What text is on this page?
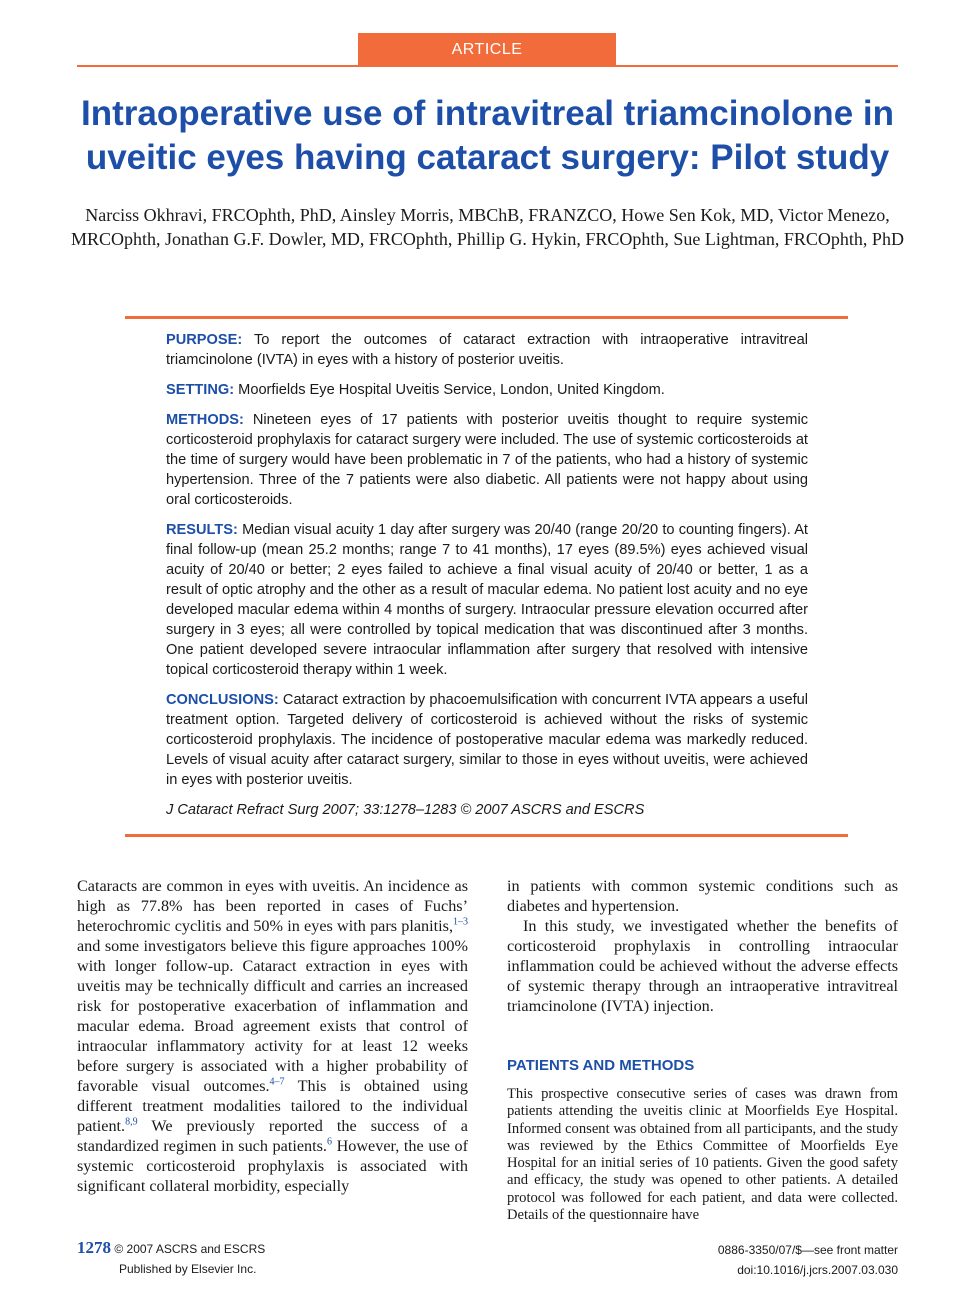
ARTICLE
Intraoperative use of intravitreal triamcinolone in uveitic eyes having cataract surgery: Pilot study

Narciss Okhravi, FRCOphth, PhD, Ainsley Morris, MBChB, FRANZCO, Howe Sen Kok, MD, Victor Menezo, MRCOphth, Jonathan G.F. Dowler, MD, FRCOphth, Phillip G. Hykin, FRCOphth, Sue Lightman, FRCOphth, PhD

PURPOSE: To report the outcomes of cataract extraction with intraoperative intravitreal triamcinolone (IVTA) in eyes with a history of posterior uveitis.

SETTING: Moorfields Eye Hospital Uveitis Service, London, United Kingdom.

METHODS: Nineteen eyes of 17 patients with posterior uveitis thought to require systemic corticosteroid prophylaxis for cataract surgery were included. The use of systemic corticosteroids at the time of surgery would have been problematic in 7 of the patients, who had a history of systemic hypertension. Three of the 7 patients were also diabetic. All patients were not happy about using oral corticosteroids.

RESULTS: Median visual acuity 1 day after surgery was 20/40 (range 20/20 to counting fingers). At final follow-up (mean 25.2 months; range 7 to 41 months), 17 eyes (89.5%) eyes achieved visual acuity of 20/40 or better; 2 eyes failed to achieve a final visual acuity of 20/40 or better, 1 as a result of optic atrophy and the other as a result of macular edema. No patient lost acuity and no eye developed macular edema within 4 months of surgery. Intraocular pressure elevation occurred after surgery in 3 eyes; all were controlled by topical medication that was discontinued after 3 months. One patient developed severe intraocular inflammation after surgery that resolved with intensive topical corticosteroid therapy within 1 week.

CONCLUSIONS: Cataract extraction by phacoemulsification with concurrent IVTA appears a useful treatment option. Targeted delivery of corticosteroid is achieved without the risks of systemic corticosteroid prophylaxis. The incidence of postoperative macular edema was markedly reduced. Levels of visual acuity after cataract surgery, similar to those in eyes without uveitis, were achieved in eyes with posterior uveitis.

J Cataract Refract Surg 2007; 33:1278–1283 © 2007 ASCRS and ESCRS

Cataracts are common in eyes with uveitis. An incidence as high as 77.8% has been reported in cases of Fuchs’ heterochromic cyclitis and 50% in eyes with pars planitis,$^{1-3}$ and some investigators believe this figure approaches 100% with longer follow-up. Cataract extraction in eyes with uveitis may be technically difficult and carries an increased risk for postoperative exacerbation of inflammation and macular edema. Broad agreement exists that control of intraocular inflammatory activity for at least 12 weeks before surgery is associated with a higher probability of favorable visual outcomes.$^{4-7}$ This is obtained using different treatment modalities tailored to the individual patient.$^{8,9}$ We previously reported the success of a standardized regimen in such patients.$^6$ However, the use of systemic corticosteroid prophylaxis is associated with significant collateral morbidity, especially

in patients with common systemic conditions such as diabetes and hypertension.

In this study, we investigated whether the benefits of corticosteroid prophylaxis in controlling intraocular inflammation could be achieved without the adverse effects of systemic therapy through an intraoperative intravitreal triamcinolone (IVTA) injection.

PATIENTS AND METHODS

This prospective consecutive series of cases was drawn from patients attending the uveitis clinic at Moorfields Eye Hospital. Informed consent was obtained from all participants, and the study was reviewed by the Ethics Committee of Moorfields Eye Hospital for an initial series of 10 patients. Given the good safety and efficacy, the study was opened to other patients. A detailed protocol was followed for each patient, and data were collected. Details of the questionnaire have

1278 © 2007 ASCRS and ESCRS
Published by Elsevier Inc.
0886-3350/07/$—see front matter
doi:10.1016/j.jcrs.2007.03.030
